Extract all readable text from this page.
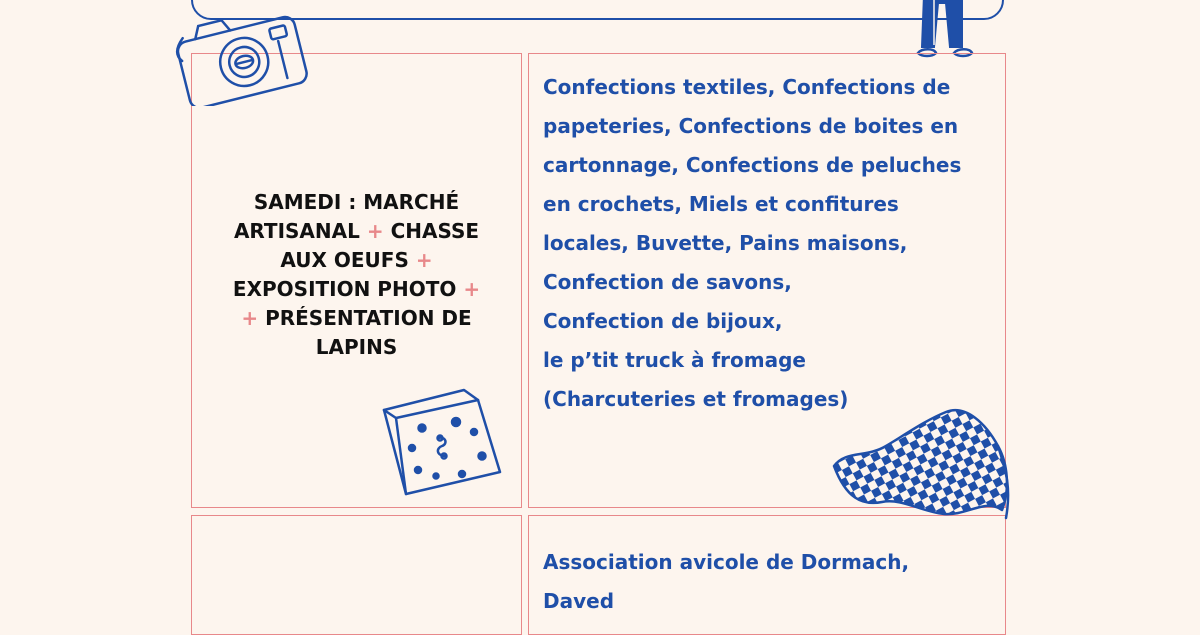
SAMEDI : MARCHÉ
ARTISANAL + CHASSE
AUX OEUFS +
EXPOSITION PHOTO +
+ PRÉSENTATION DE
LAPINS

Confections textiles, Confections de
papeteries, Confections de boites en
cartonnage, Confections de peluches
en crochets, Miels et confitures
locales, Buvette, Pains maisons,
Confection de savons,
Confection de bijoux,
le p’tit truck à fromage
(Charcuteries et fromages)
Association avicole de Dormach,
Daved
